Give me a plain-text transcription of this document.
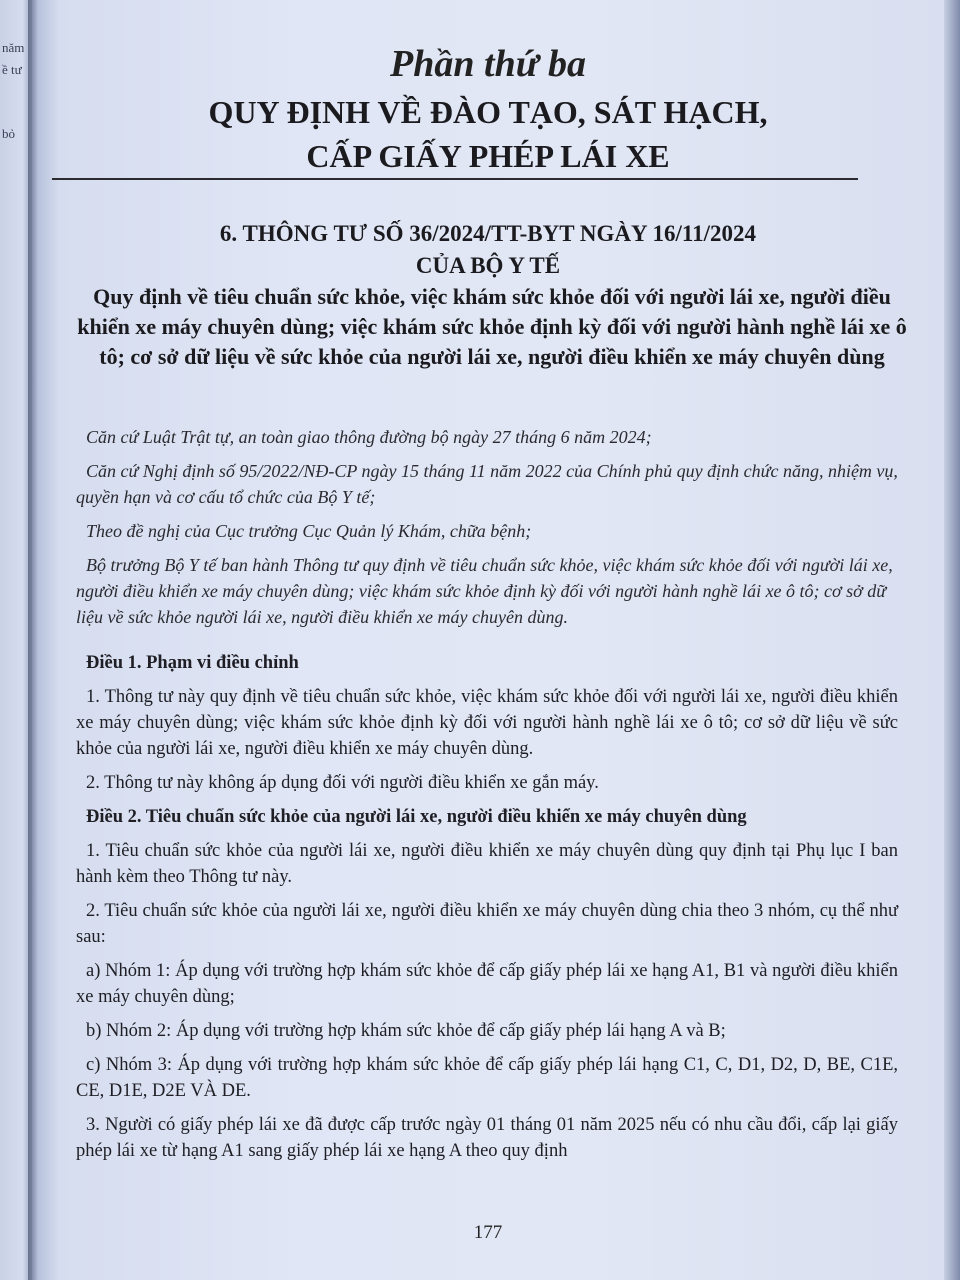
năm
ề tư
bỏ
Phần thứ ba
QUY ĐỊNH VỀ ĐÀO TẠO, SÁT HẠCH,
CẤP GIẤY PHÉP LÁI XE
6. THÔNG TƯ SỐ 36/2024/TT-BYT NGÀY 16/11/2024
CỦA BỘ Y TẾ
Quy định về tiêu chuẩn sức khỏe, việc khám sức khỏe đối với người lái xe, người điều khiển xe máy chuyên dùng; việc khám sức khỏe định kỳ đối với người hành nghề lái xe ô tô; cơ sở dữ liệu về sức khỏe của người lái xe, người điều khiển xe máy chuyên dùng

Căn cứ Luật Trật tự, an toàn giao thông đường bộ ngày 27 tháng 6 năm 2024;

Căn cứ Nghị định số 95/2022/NĐ-CP ngày 15 tháng 11 năm 2022 của Chính phủ quy định chức năng, nhiệm vụ, quyền hạn và cơ cấu tổ chức của Bộ Y tế;

Theo đề nghị của Cục trưởng Cục Quản lý Khám, chữa bệnh;

Bộ trưởng Bộ Y tế ban hành Thông tư quy định về tiêu chuẩn sức khỏe, việc khám sức khỏe đối với người lái xe, người điều khiển xe máy chuyên dùng; việc khám sức khỏe định kỳ đối với người hành nghề lái xe ô tô; cơ sở dữ liệu về sức khỏe người lái xe, người điều khiển xe máy chuyên dùng.

Điều 1. Phạm vi điều chỉnh

1. Thông tư này quy định về tiêu chuẩn sức khỏe, việc khám sức khỏe đối với người lái xe, người điều khiển xe máy chuyên dùng; việc khám sức khỏe định kỳ đối với người hành nghề lái xe ô tô; cơ sở dữ liệu về sức khỏe của người lái xe, người điều khiển xe máy chuyên dùng.

2. Thông tư này không áp dụng đối với người điều khiển xe gắn máy.

Điều 2. Tiêu chuẩn sức khỏe của người lái xe, người điều khiển xe máy chuyên dùng

1. Tiêu chuẩn sức khỏe của người lái xe, người điều khiển xe máy chuyên dùng quy định tại Phụ lục I ban hành kèm theo Thông tư này.

2. Tiêu chuẩn sức khỏe của người lái xe, người điều khiển xe máy chuyên dùng chia theo 3 nhóm, cụ thể như sau:

a) Nhóm 1: Áp dụng với trường hợp khám sức khỏe để cấp giấy phép lái xe hạng A1, B1 và người điều khiển xe máy chuyên dùng;

b) Nhóm 2: Áp dụng với trường hợp khám sức khỏe để cấp giấy phép lái hạng A và B;

c) Nhóm 3: Áp dụng với trường hợp khám sức khỏe để cấp giấy phép lái hạng C1, C, D1, D2, D, BE, C1E, CE, D1E, D2E VÀ DE.

3. Người có giấy phép lái xe đã được cấp trước ngày 01 tháng 01 năm 2025 nếu có nhu cầu đổi, cấp lại giấy phép lái xe từ hạng A1 sang giấy phép lái xe hạng A theo quy định

177
